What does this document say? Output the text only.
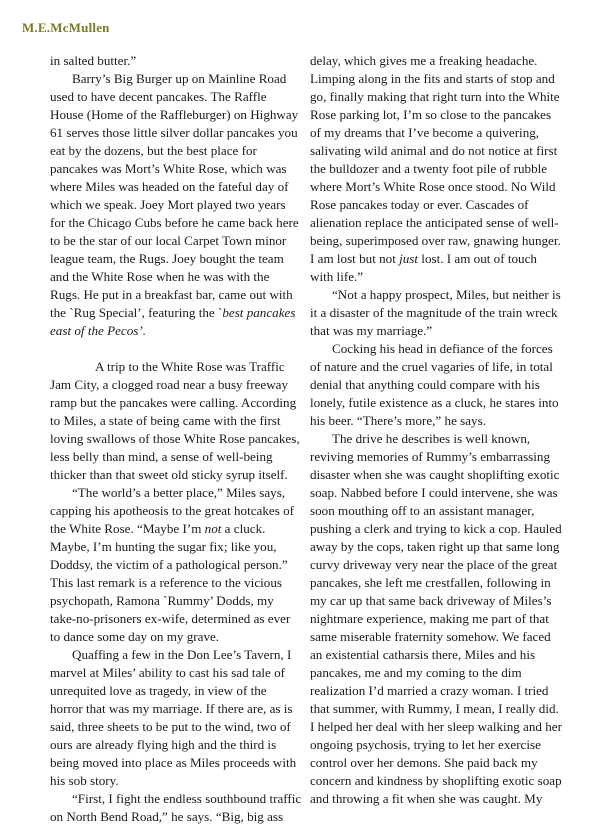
M.E.McMullen

in salted butter.”

Barry’s Big Burger up on Mainline Road used to have decent pancakes. The Raffle House (Home of the Raffleburger) on Highway 61 serves those little silver dollar pancakes you eat by the dozens, but the best place for pancakes was Mort’s White Rose, which was where Miles was headed on the fateful day of which we speak. Joey Mort played two years for the Chicago Cubs before he came back here to be the star of our local Carpet Town minor league team, the Rugs. Joey bought the team and the White Rose when he was with the Rugs. He put in a breakfast bar, came out with the `Rug Special’, featuring the `best pancakes east of the Pecos’.

A trip to the White Rose was Traffic Jam City, a clogged road near a busy freeway ramp but the pancakes were calling. According to Miles, a state of being came with the first loving swallows of those White Rose pancakes, less belly than mind, a sense of well-being thicker than that sweet old sticky syrup itself.

“The world’s a better place,” Miles says, capping his apotheosis to the great hotcakes of the White Rose. “Maybe I’m not a cluck. Maybe, I’m hunting the sugar fix; like you, Doddsy, the victim of a pathological person.” This last remark is a reference to the vicious psychopath, Ramona `Rummy’ Dodds, my take-no-prisoners ex-wife, determined as ever to dance some day on my grave.

Quaffing a few in the Don Lee’s Tavern, I marvel at Miles’ ability to cast his sad tale of unrequited love as tragedy, in view of the horror that was my marriage. If there are, as is said, three sheets to be put to the wind, two of ours are already flying high and the third is being moved into place as Miles proceeds with his sob story.

“First, I fight the endless southbound traffic on North Bend Road,” he says. “Big, big ass

delay, which gives me a freaking headache. Limping along in the fits and starts of stop and go, finally making that right turn into the White Rose parking lot, I’m so close to the pancakes of my dreams that I’ve become a quivering, salivating wild animal and do not notice at first the bulldozer and a twenty foot pile of rubble where Mort’s White Rose once stood. No Wild Rose pancakes today or ever. Cascades of alienation replace the anticipated sense of well-being, superimposed over raw, gnawing hunger. I am lost but not just lost. I am out of touch with life.”

“Not a happy prospect, Miles, but neither is it a disaster of the magnitude of the train wreck that was my marriage.”

Cocking his head in defiance of the forces of nature and the cruel vagaries of life, in total denial that anything could compare with his lonely, futile existence as a cluck, he stares into his beer. “There’s more,” he says.

The drive he describes is well known, reviving memories of Rummy’s embarrassing disaster when she was caught shoplifting exotic soap. Nabbed before I could intervene, she was soon mouthing off to an assistant manager, pushing a clerk and trying to kick a cop. Hauled away by the cops, taken right up that same long curvy driveway very near the place of the great pancakes, she left me crestfallen, following in my car up that same back driveway of Miles’s nightmare experience, making me part of that same miserable fraternity somehow. We faced an existential catharsis there, Miles and his pancakes, me and my coming to the dim realization I’d married a crazy woman. I tried that summer, with Rummy, I mean, I really did. I helped her deal with her sleep walking and her ongoing psychosis, trying to let her exercise control over her demons. She paid back my concern and kindness by shoplifting exotic soap and throwing a fit when she was caught. My
